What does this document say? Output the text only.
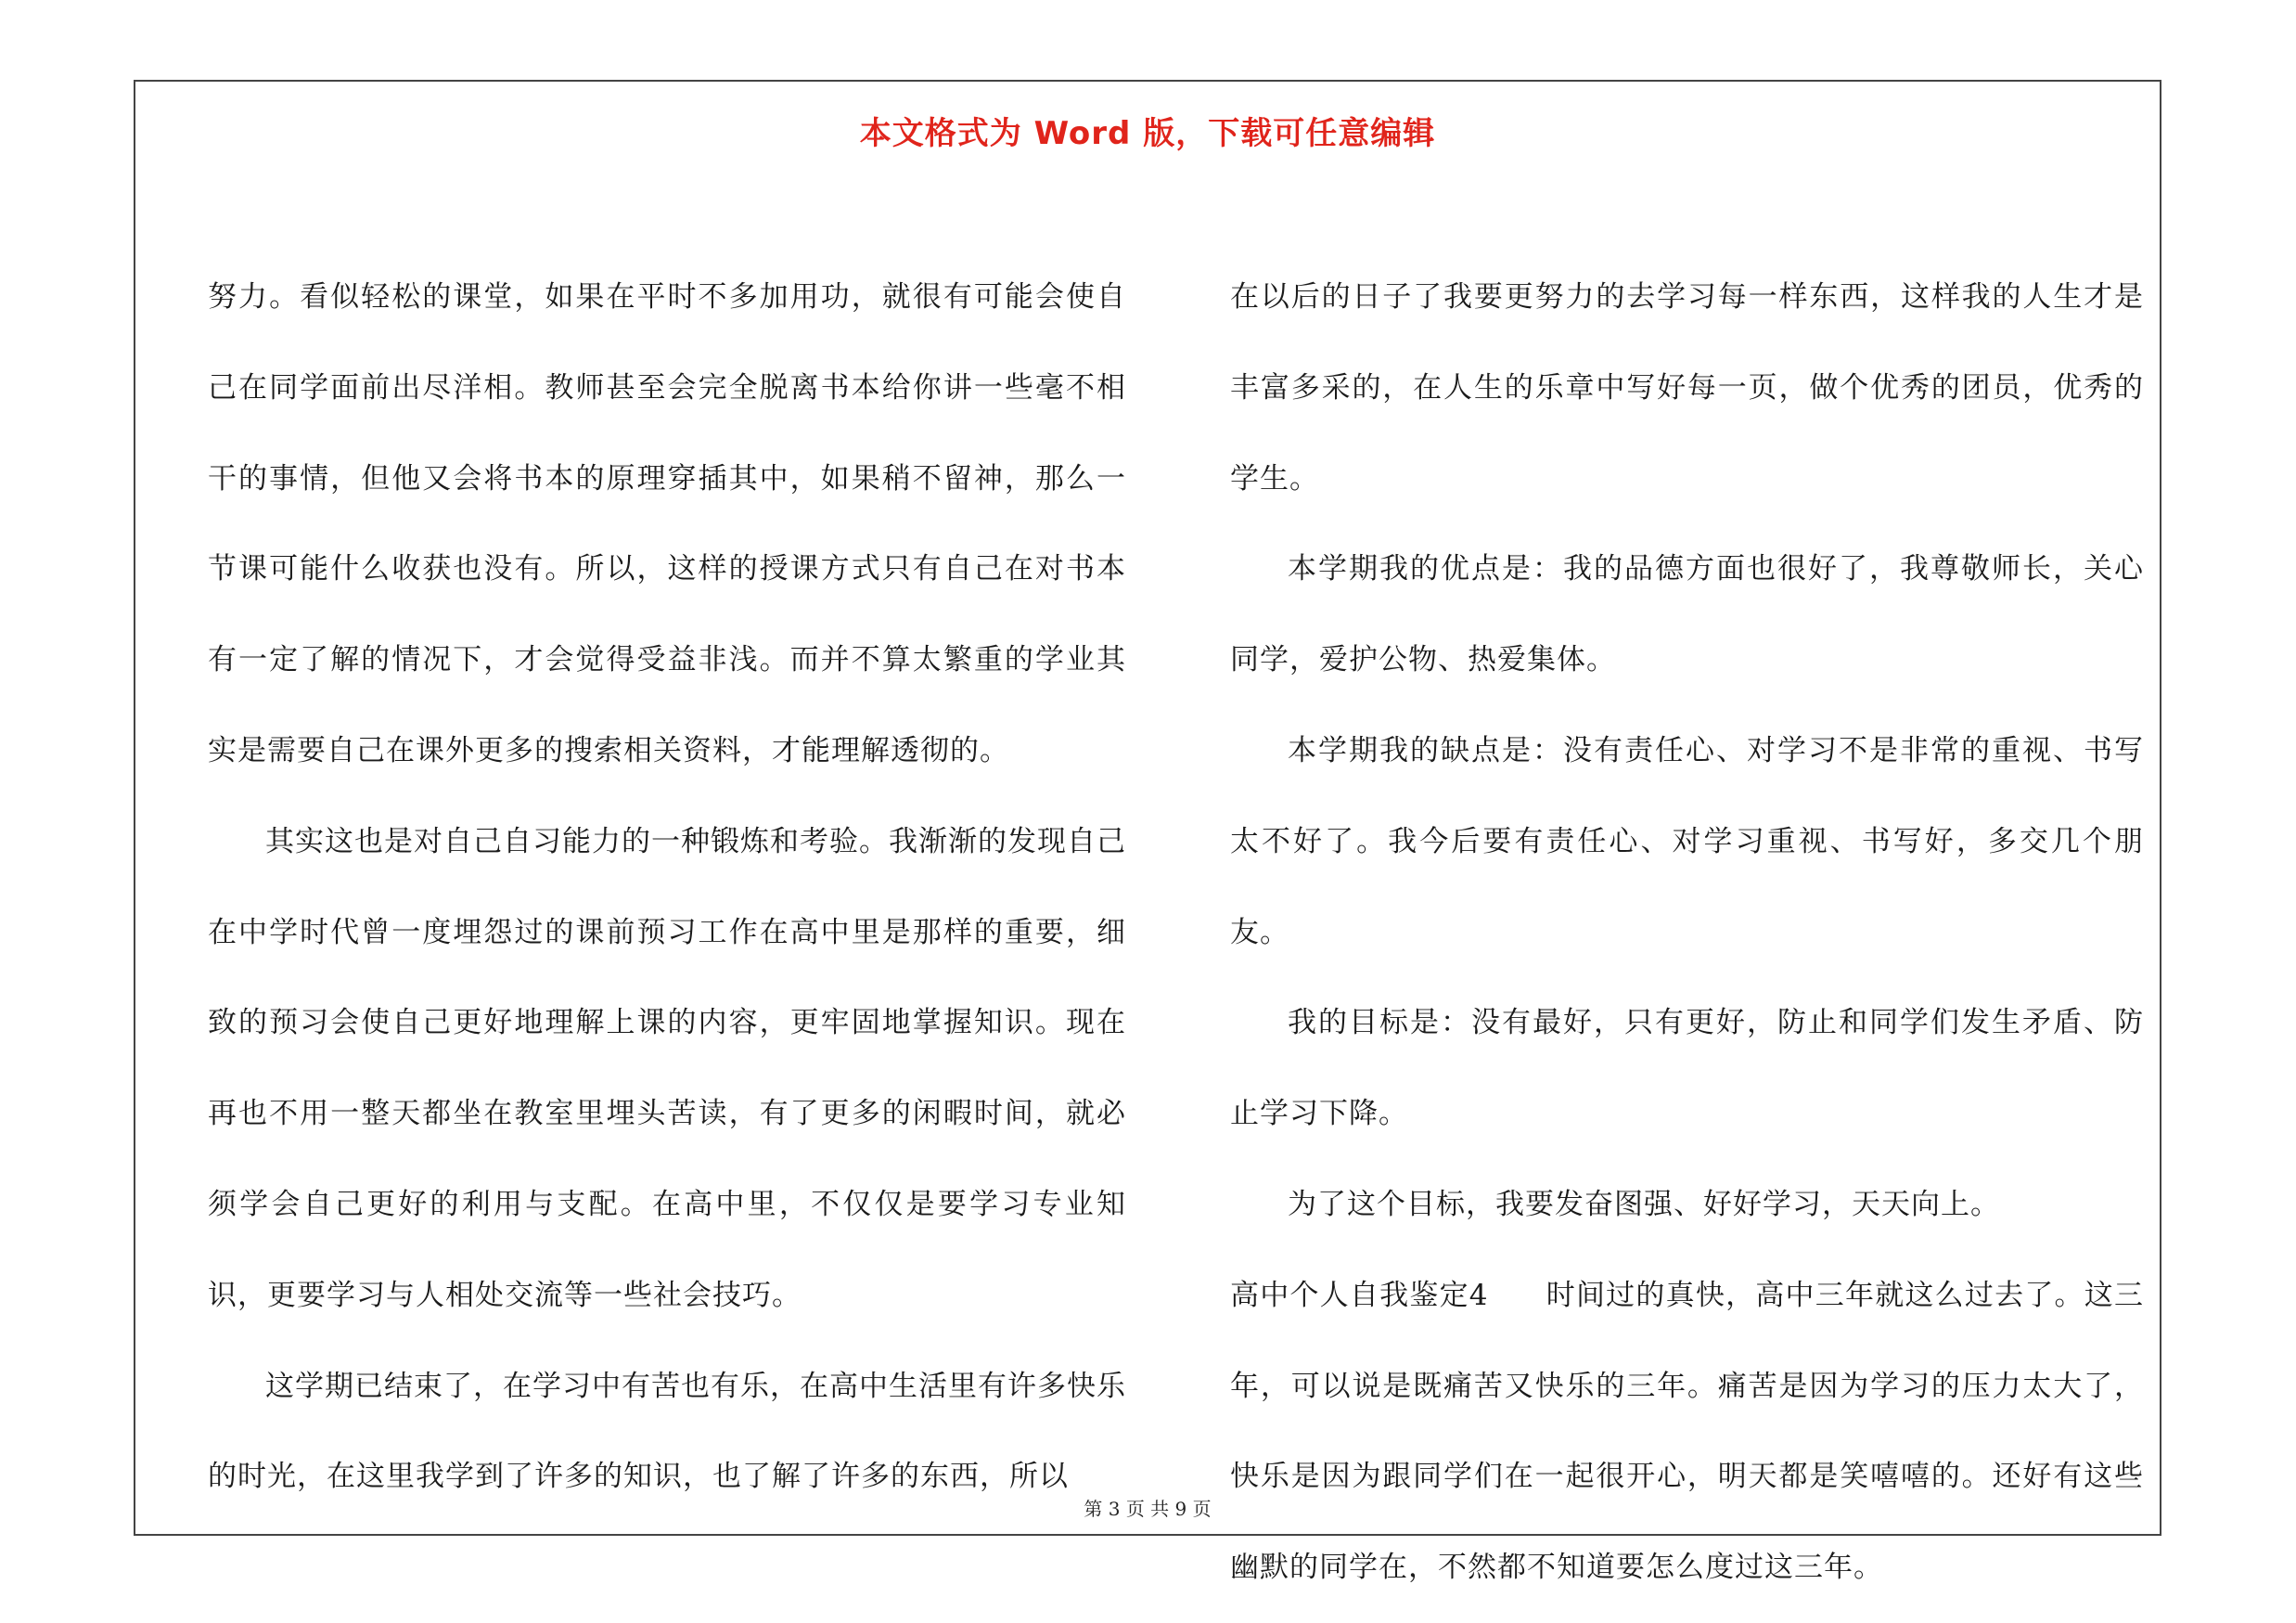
本文格式为 Word 版，下载可任意编辑

努力。看似轻松的课堂，如果在平时不多加用功，就很有可能会使自己在同学面前出尽洋相。教师甚至会完全脱离书本给你讲一些毫不相干的事情，但他又会将书本的原理穿插其中，如果稍不留神，那么一节课可能什么收获也没有。所以，这样的授课方式只有自己在对书本有一定了解的情况下，才会觉得受益非浅。而并不算太繁重的学业其实是需要自己在课外更多的搜索相关资料，才能理解透彻的。

其实这也是对自己自习能力的一种锻炼和考验。我渐渐的发现自己在中学时代曾一度埋怨过的课前预习工作在高中里是那样的重要，细致的预习会使自己更好地理解上课的内容，更牢固地掌握知识。现在再也不用一整天都坐在教室里埋头苦读，有了更多的闲暇时间，就必须学会自己更好的利用与支配。在高中里，不仅仅是要学习专业知识，更要学习与人相处交流等一些社会技巧。

这学期已结束了，在学习中有苦也有乐，在高中生活里有许多快乐的时光，在这里我学到了许多的知识，也了解了许多的东西，所以

在以后的日子了我要更努力的去学习每一样东西，这样我的人生才是丰富多采的，在人生的乐章中写好每一页，做个优秀的团员，优秀的学生。

本学期我的优点是：我的品德方面也很好了，我尊敬师长，关心同学，爱护公物、热爱集体。

本学期我的缺点是：没有责任心、对学习不是非常的重视、书写太不好了。我今后要有责任心、对学习重视、书写好，多交几个朋友。

我的目标是：没有最好，只有更好，防止和同学们发生矛盾、防止学习下降。

为了这个目标，我要发奋图强、好好学习，天天向上。

高中个人自我鉴定4 时间过的真快，高中三年就这么过去了。这三年，可以说是既痛苦又快乐的三年。痛苦是因为学习的压力太大了，快乐是因为跟同学们在一起很开心，明天都是笑嘻嘻的。还好有这些幽默的同学在，不然都不知道要怎么度过这三年。

第 3 页 共 9 页
